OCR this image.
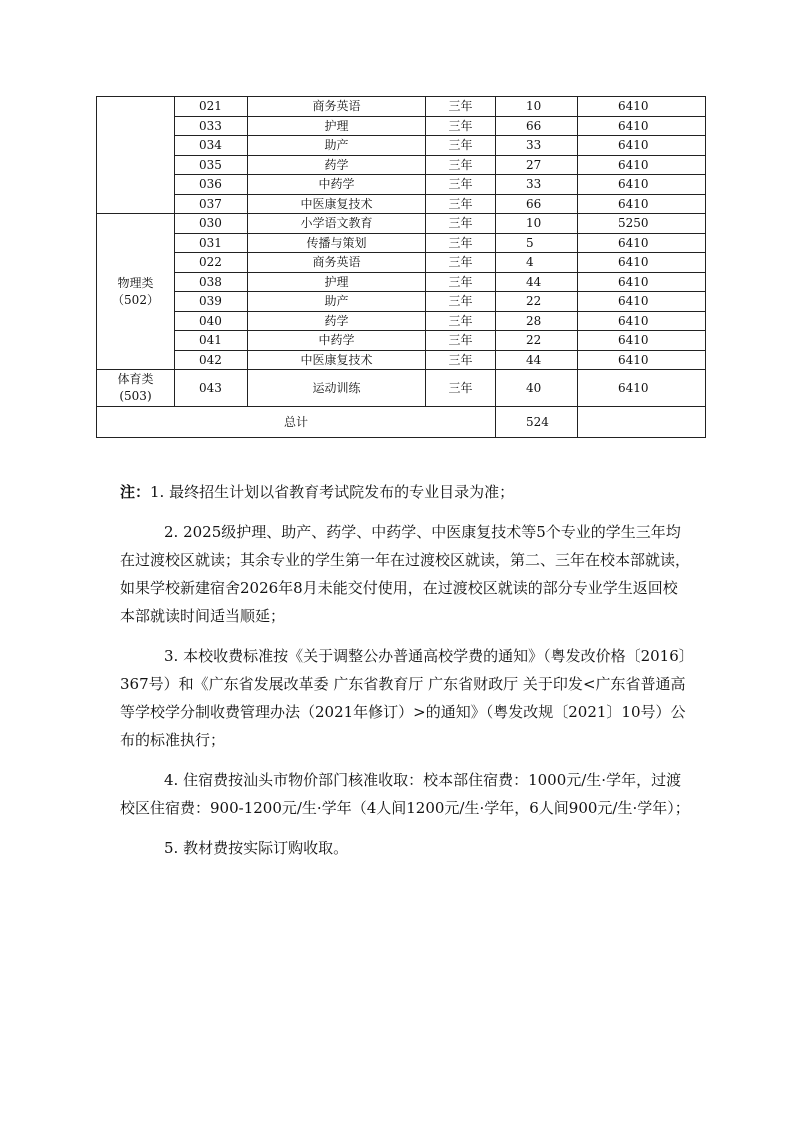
	021	商务英语	三年	10	6410
	033	护理	三年	66	6410
	034	助产	三年	33	6410
	035	药学	三年	27	6410
	036	中药学	三年	33	6410
	037	中医康复技术	三年	66	6410

物理类
（502）	030	小学语文教育	三年	10	5250
	031	传播与策划	三年	5	6410
	022	商务英语	三年	4	6410
	038	护理	三年	44	6410
	039	助产	三年	22	6410
	040	药学	三年	28	6410
	041	中药学	三年	22	6410
	042	中医康复技术	三年	44	6410

体育类
(503)	043	运动训练	三年	40	6410
总计				524	

注：1. 最终招生计划以省教育考试院发布的专业目录为准；

2. 2025级护理、助产、药学、中药学、中医康复技术等5个专业的学生三年均在过渡校区就读；其余专业的学生第一年在过渡校区就读，第二、三年在校本部就读，如果学校新建宿舍2026年8月未能交付使用，在过渡校区就读的部分专业学生返回校本部就读时间适当顺延；

3. 本校收费标准按《关于调整公办普通高校学费的通知》（粤发改价格〔2016〕367号）和《广东省发展改革委 广东省教育厅 广东省财政厅 关于印发<广东省普通高等学校学分制收费管理办法（2021年修订）>的通知》（粤发改规〔2021〕10号）公布的标准执行；

4. 住宿费按汕头市物价部门核准收取：校本部住宿费：1000元/生·学年，过渡校区住宿费：900-1200元/生·学年（4人间1200元/生·学年，6人间900元/生·学年）；

5. 教材费按实际订购收取。
